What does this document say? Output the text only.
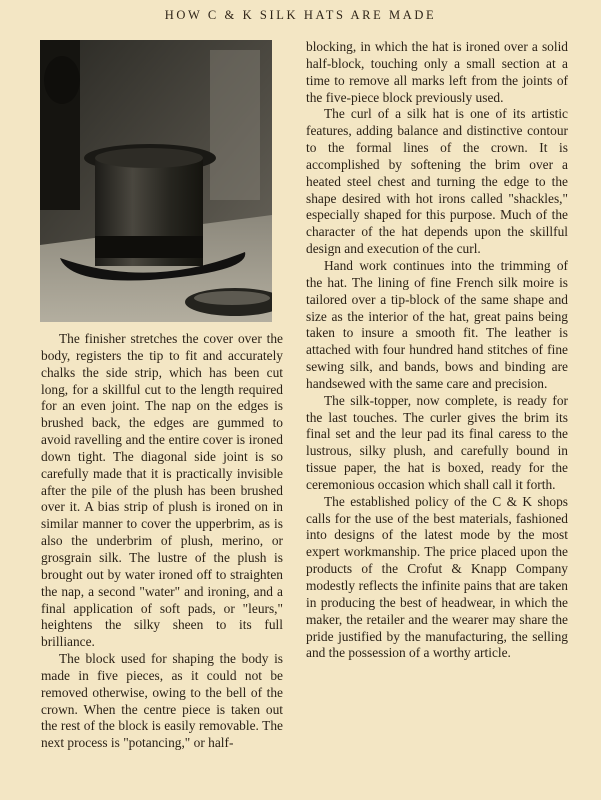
HOW C & K SILK HATS ARE MADE

The finisher stretches the cover over the body, registers the tip to fit and accurately chalks the side strip, which has been cut long, for a skillful cut to the length required for an even joint. The nap on the edges is brushed back, the edges are gummed to avoid ravelling and the entire cover is ironed down tight. The diagonal side joint is so carefully made that it is practically invisible after the pile of the plush has been brushed over it. A bias strip of plush is ironed on in similar manner to cover the upperbrim, as is also the underbrim of plush, merino, or grosgrain silk. The lustre of the plush is brought out by water ironed off to straighten the nap, a second "water" and ironing, and a final application of soft pads, or "leurs," heightens the silky sheen to its full brilliance.

The block used for shaping the body is made in five pieces, as it could not be removed otherwise, owing to the bell of the crown. When the centre piece is taken out the rest of the block is easily removable. The next process is "potancing," or half-

blocking, in which the hat is ironed over a solid half-block, touching only a small section at a time to remove all marks left from the joints of the five-piece block previously used.

The curl of a silk hat is one of its artistic features, adding balance and distinctive contour to the formal lines of the crown. It is accomplished by softening the brim over a heated steel chest and turning the edge to the shape desired with hot irons called "shackles," especially shaped for this purpose. Much of the character of the hat depends upon the skillful design and execution of the curl.

Hand work continues into the trimming of the hat. The lining of fine French silk moire is tailored over a tip-block of the same shape and size as the interior of the hat, great pains being taken to insure a smooth fit. The leather is attached with four hundred hand stitches of fine sewing silk, and bands, bows and binding are handsewed with the same care and precision.

The silk-topper, now complete, is ready for the last touches. The curler gives the brim its final set and the leur pad its final caress to the lustrous, silky plush, and carefully bound in tissue paper, the hat is boxed, ready for the ceremonious occasion which shall call it forth.

The established policy of the C & K shops calls for the use of the best materials, fashioned into designs of the latest mode by the most expert workmanship. The price placed upon the products of the Crofut & Knapp Company modestly reflects the infinite pains that are taken in producing the best of headwear, in which the maker, the retailer and the wearer may share the pride justified by the manufacturing, the selling and the possession of a worthy article.
